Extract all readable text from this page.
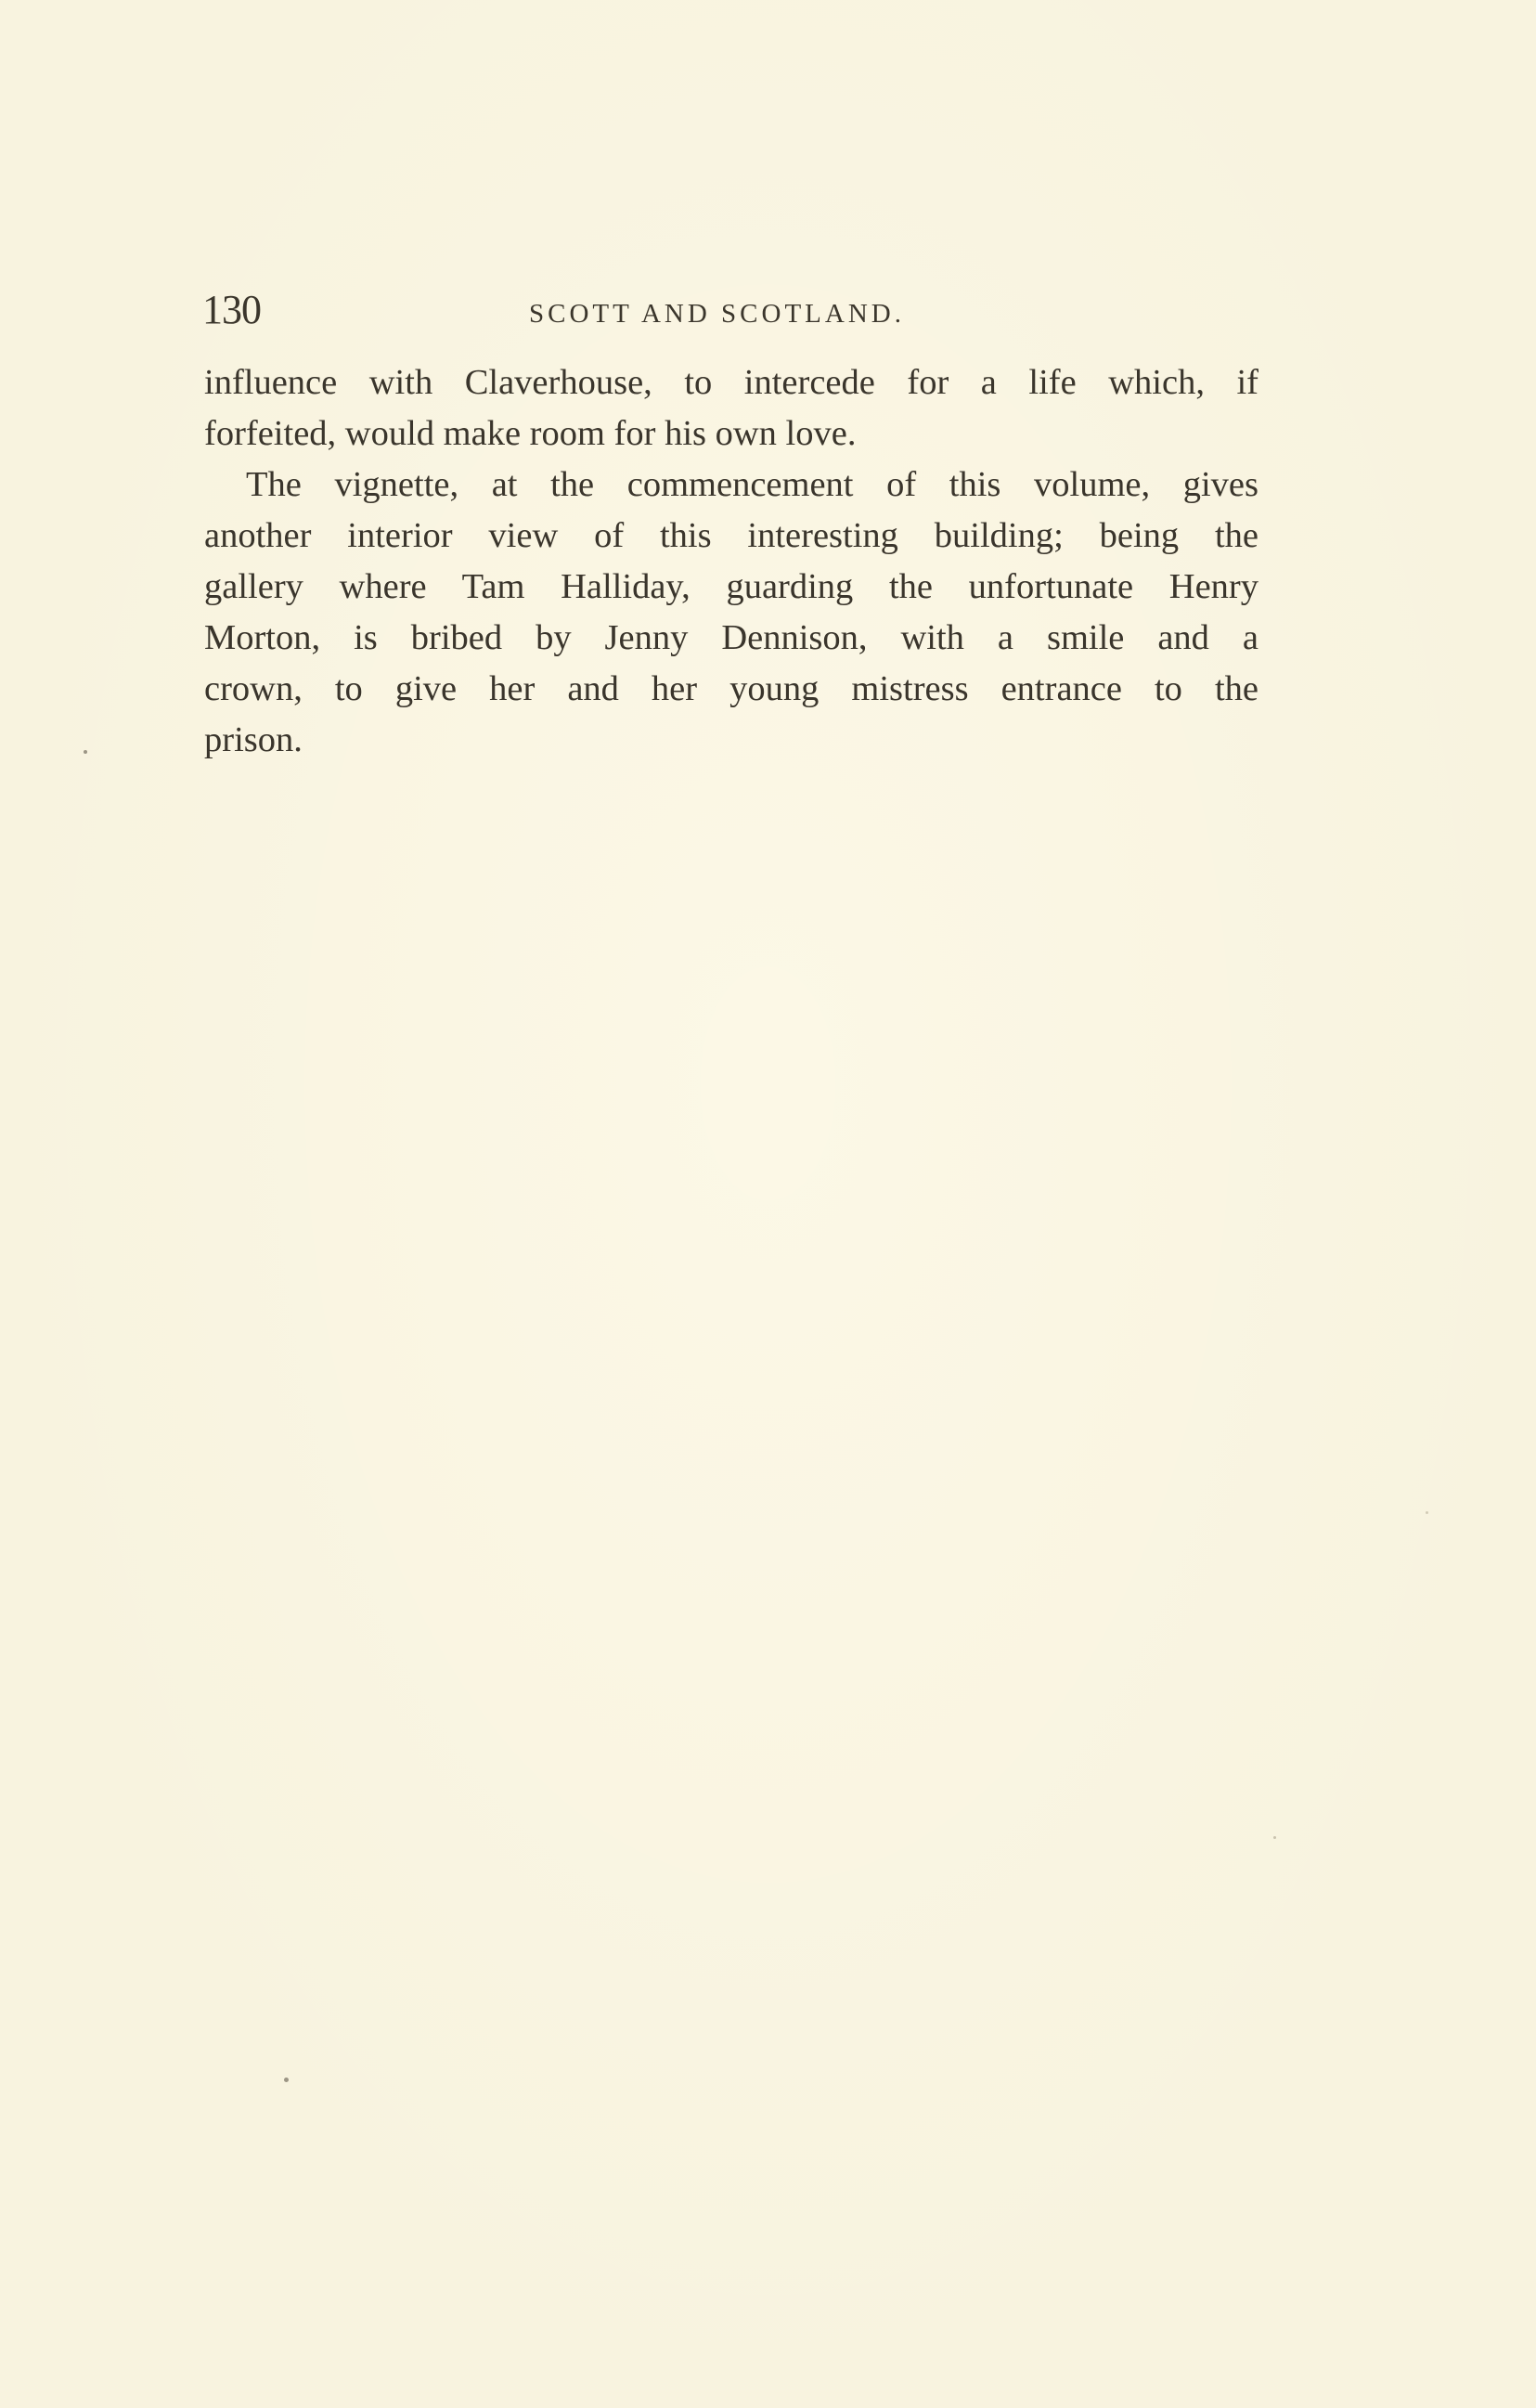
130	SCOTT AND SCOTLAND.
influence with Claverhouse, to intercede for a life which, if
forfeited, would make room for his own love.
The vignette, at the commencement of this volume, gives
another interior view of this interesting building; being the
gallery where Tam Halliday, guarding the unfortunate Henry
Morton, is bribed by Jenny Dennison, with a smile and a
crown, to give her and her young mistress entrance to the
prison.
